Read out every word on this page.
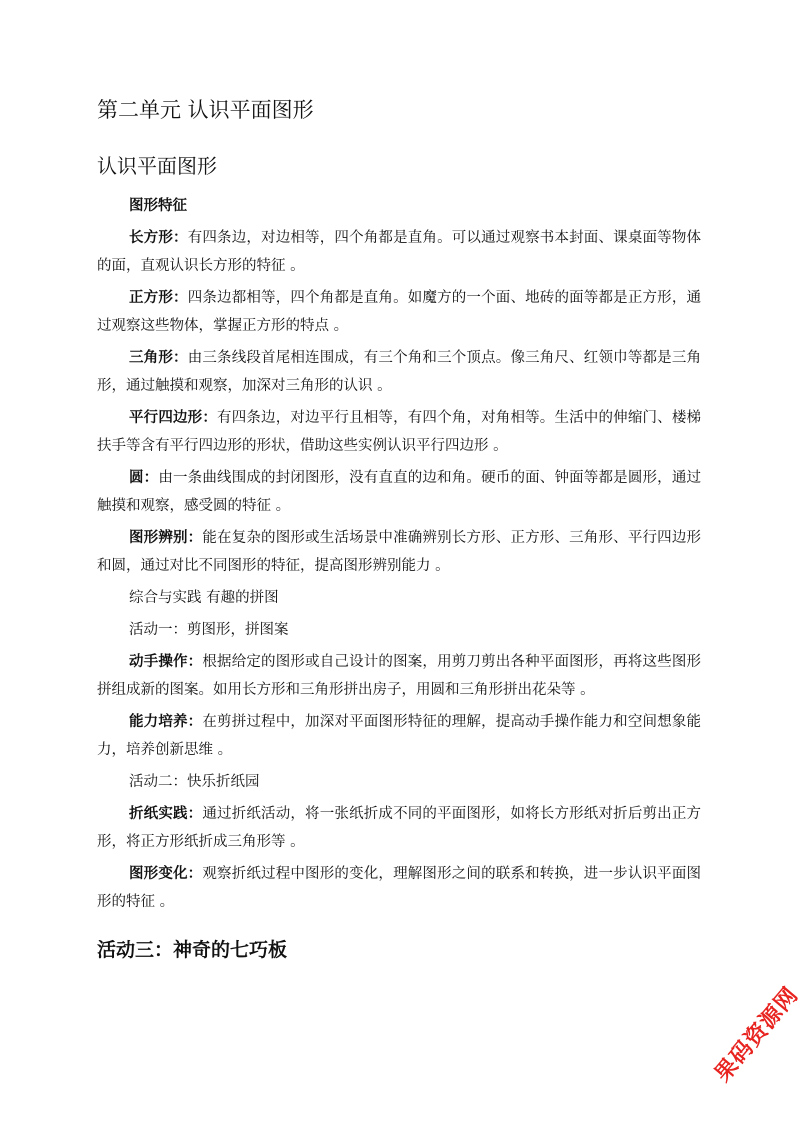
第二单元 认识平面图形
认识平面图形
图形特征
长方形：有四条边，对边相等，四个角都是直角。可以通过观察书本封面、课桌面等物体的面，直观认识长方形的特征 。
正方形：四条边都相等，四个角都是直角。如魔方的一个面、地砖的面等都是正方形，通过观察这些物体，掌握正方形的特点 。
三角形：由三条线段首尾相连围成，有三个角和三个顶点。像三角尺、红领巾等都是三角形，通过触摸和观察，加深对三角形的认识 。
平行四边形：有四条边，对边平行且相等，有四个角，对角相等。生活中的伸缩门、楼梯扶手等含有平行四边形的形状，借助这些实例认识平行四边形 。
圆：由一条曲线围成的封闭图形，没有直直的边和角。硬币的面、钟面等都是圆形，通过触摸和观察，感受圆的特征 。
图形辨别：能在复杂的图形或生活场景中准确辨别长方形、正方形、三角形、平行四边形和圆，通过对比不同图形的特征，提高图形辨别能力 。
综合与实践 有趣的拼图
活动一：剪图形，拼图案
动手操作：根据给定的图形或自己设计的图案，用剪刀剪出各种平面图形，再将这些图形拼组成新的图案。如用长方形和三角形拼出房子，用圆和三角形拼出花朵等 。
能力培养：在剪拼过程中，加深对平面图形特征的理解，提高动手操作能力和空间想象能力，培养创新思维 。
活动二：快乐折纸园
折纸实践：通过折纸活动，将一张纸折成不同的平面图形，如将长方形纸对折后剪出正方形，将正方形纸折成三角形等 。
图形变化：观察折纸过程中图形的变化，理解图形之间的联系和转换，进一步认识平面图形的特征 。
活动三：神奇的七巧板
果码资源网
